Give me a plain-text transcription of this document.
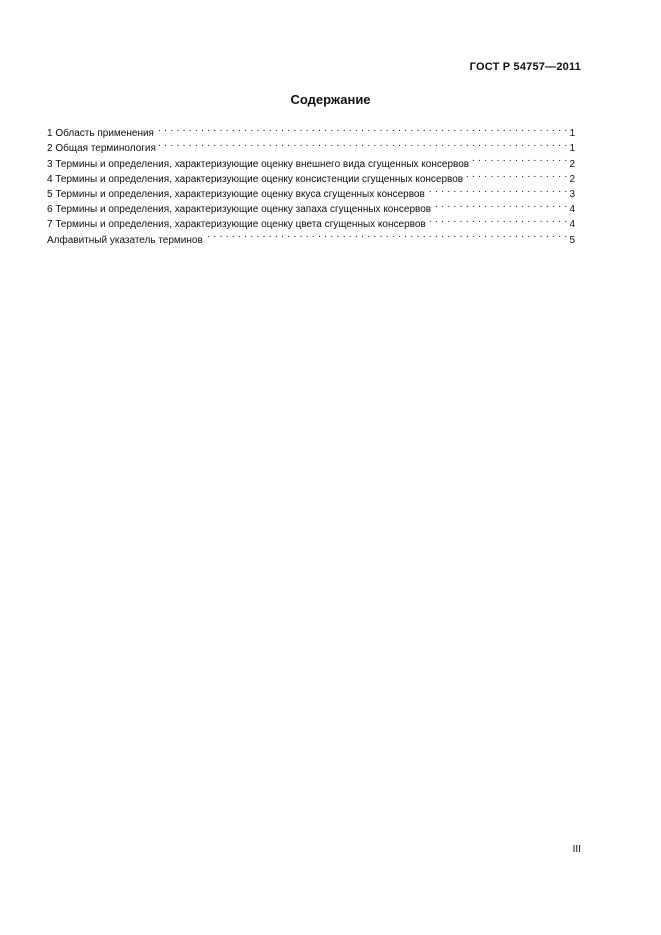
ГОСТ Р 54757—2011
Содержание
1 Область применения . . .	1
2 Общая терминология . . .	1
3 Термины и определения, характеризующие оценку внешнего вида сгущенных консервов . . .	2
4 Термины и определения, характеризующие оценку консистенции сгущенных консервов . . .	2
5 Термины и определения, характеризующие оценку вкуса сгущенных консервов . . .	3
6 Термины и определения, характеризующие оценку запаха сгущенных консервов . . .	4
7 Термины и определения, характеризующие оценку цвета сгущенных консервов . . .	4
Алфавитный указатель терминов . . .	5
III
